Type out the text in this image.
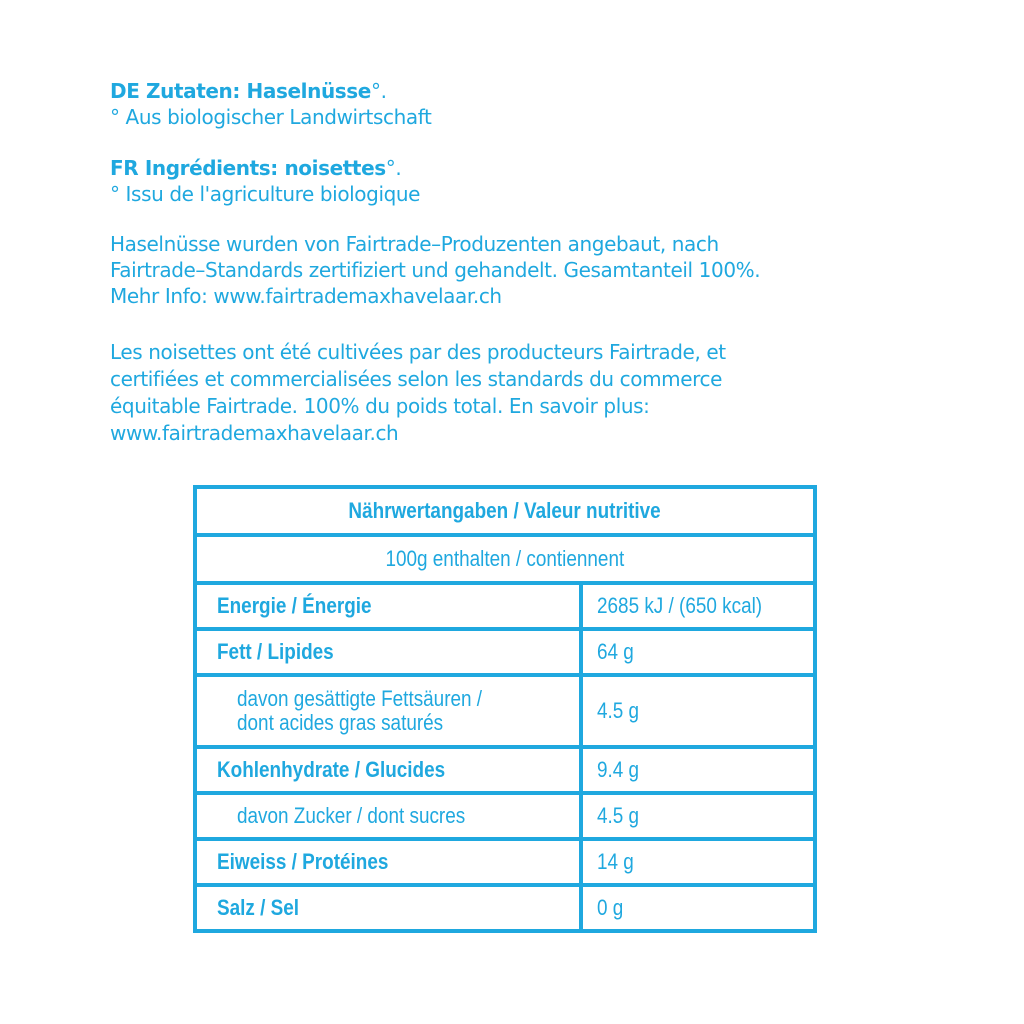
DE Zutaten: Haselnüsse°.

° Aus biologischer Landwirtschaft

FR Ingrédients: noisettes°.

° Issu de l'agriculture biologique

Haselnüsse wurden von Fairtrade–Produzenten angebaut, nach

Fairtrade–Standards zertifiziert und gehandelt. Gesamtanteil 100%.

Mehr Info: www.fairtrademaxhavelaar.ch

Les noisettes ont été cultivées par des producteurs Fairtrade, et

certifiées et commercialisées selon les standards du commerce

équitable Fairtrade. 100% du poids total. En savoir plus:

www.fairtrademaxhavelaar.ch

Nährwertangaben / Valeur nutritive
100g enthalten / contiennent
Energie / Énergie	2685 kJ / (650 kcal)
Fett / Lipides	64 g
davon gesättigte Fettsäuren /
dont acides gras saturés	4.5 g
Kohlenhydrate / Glucides	9.4 g
davon Zucker / dont sucres	4.5 g
Eiweiss / Protéines	14 g
Salz / Sel	0 g
